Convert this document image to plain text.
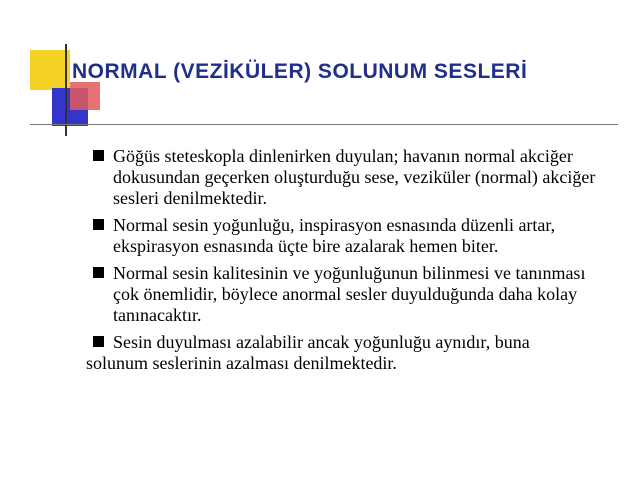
NORMAL (VEZİKÜLER) SOLUNUM SESLERİ
Göğüs steteskopla dinlenirken duyulan; havanın normal akciğer dokusundan geçerken oluşturduğu sese, veziküler (normal) akciğer sesleri denilmektedir.
Normal sesin yoğunluğu, inspirasyon esnasında düzenli artar, ekspirasyon esnasında üçte bire azalarak hemen biter.
Normal sesin kalitesinin ve yoğunluğunun bilinmesi ve tanınması çok önemlidir, böylece anormal sesler duyulduğunda daha kolay tanınacaktır.
Sesin duyulması azalabilir ancak yoğunluğu aynıdır, buna
solunum seslerinin azalması denilmektedir.
